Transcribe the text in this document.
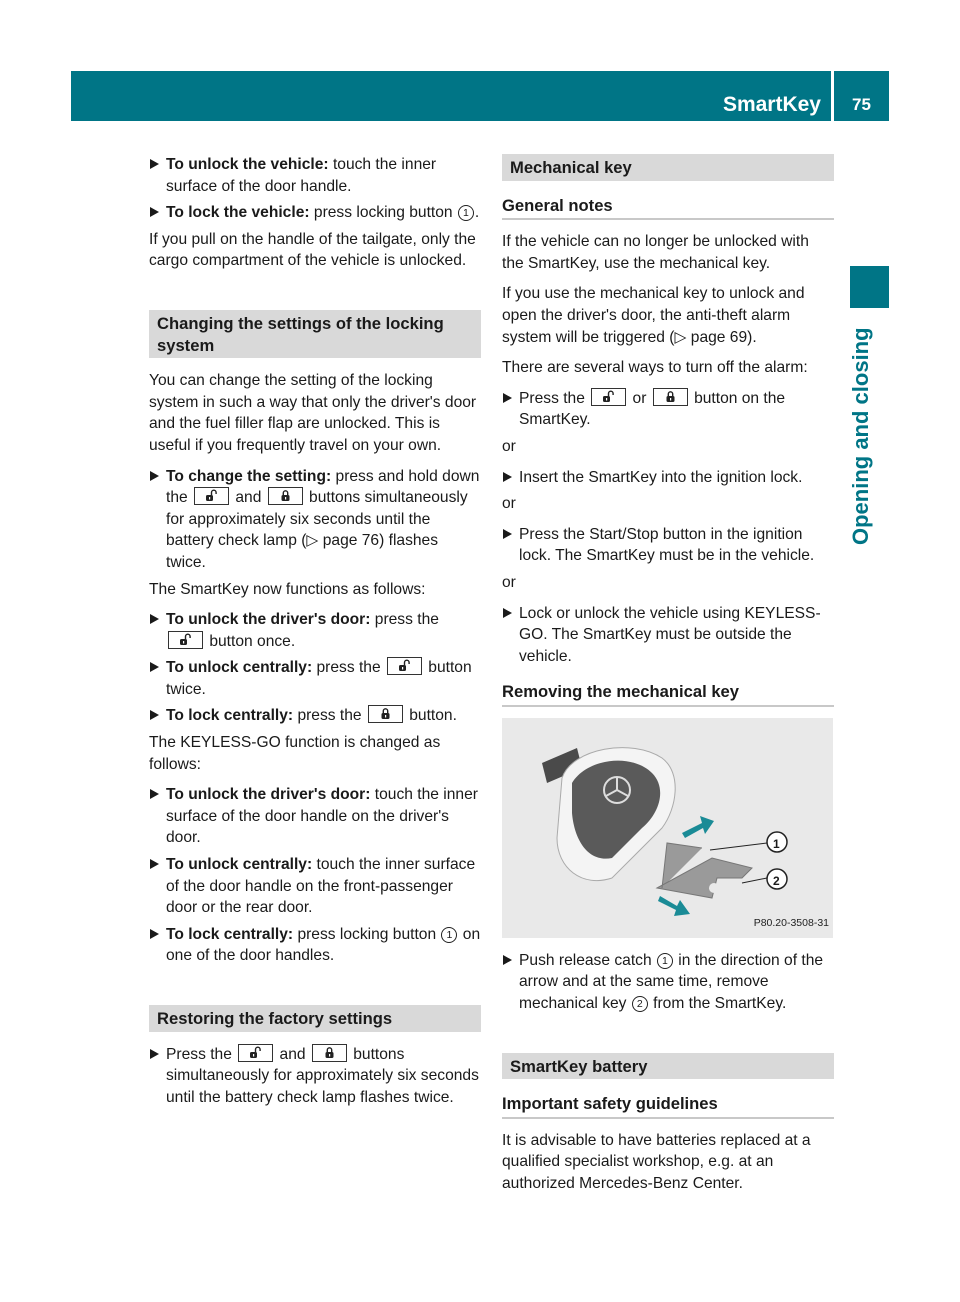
SmartKey	75
Opening and closing
To unlock the vehicle: touch the inner surface of the door handle.
To lock the vehicle: press locking button 1 .

If you pull on the handle of the tailgate, only the cargo compartment of the vehicle is unlocked.

Changing the settings of the locking system

You can change the setting of the locking system in such a way that only the driver's door and the fuel filler flap are unlocked. This is useful if you frequently travel on your own.

To change the setting: press and hold down the	and	buttons simultaneously for approximately six seconds until the battery check lamp (▷ page 76) flashes twice.

The SmartKey now functions as follows:

To unlock the driver's door: press the
button once.
To unlock centrally: press the	button twice.
To lock centrally: press the	button.

The KEYLESS-GO function is changed as follows:

To unlock the driver's door: touch the inner surface of the door handle on the driver's door.
To unlock centrally: touch the inner surface of the door handle on the front-passenger door or the rear door.
To lock centrally: press locking button 1 on one of the door handles.
Restoring the factory settings
Press the	and	buttons simultaneously for approximately six seconds until the battery check lamp flashes twice.
Mechanical key
General notes

If the vehicle can no longer be unlocked with the SmartKey, use the mechanical key.

If you use the mechanical key to unlock and open the driver's door, the anti-theft alarm system will be triggered (▷ page 69).

There are several ways to turn off the alarm:

Press the	or	button on the SmartKey.

or

Insert the SmartKey into the ignition lock.

or

Press the Start/Stop button in the ignition lock. The SmartKey must be in the vehicle.

or

Lock or unlock the vehicle using KEYLESS-GO. The SmartKey must be outside the vehicle.
Removing the mechanical key
1
2
P80.20-3508-31
Push release catch 1 in the direction of the arrow and at the same time, remove mechanical key 2 from the SmartKey.
SmartKey battery
Important safety guidelines

It is advisable to have batteries replaced at a qualified specialist workshop, e.g. at an authorized Mercedes-Benz Center.
